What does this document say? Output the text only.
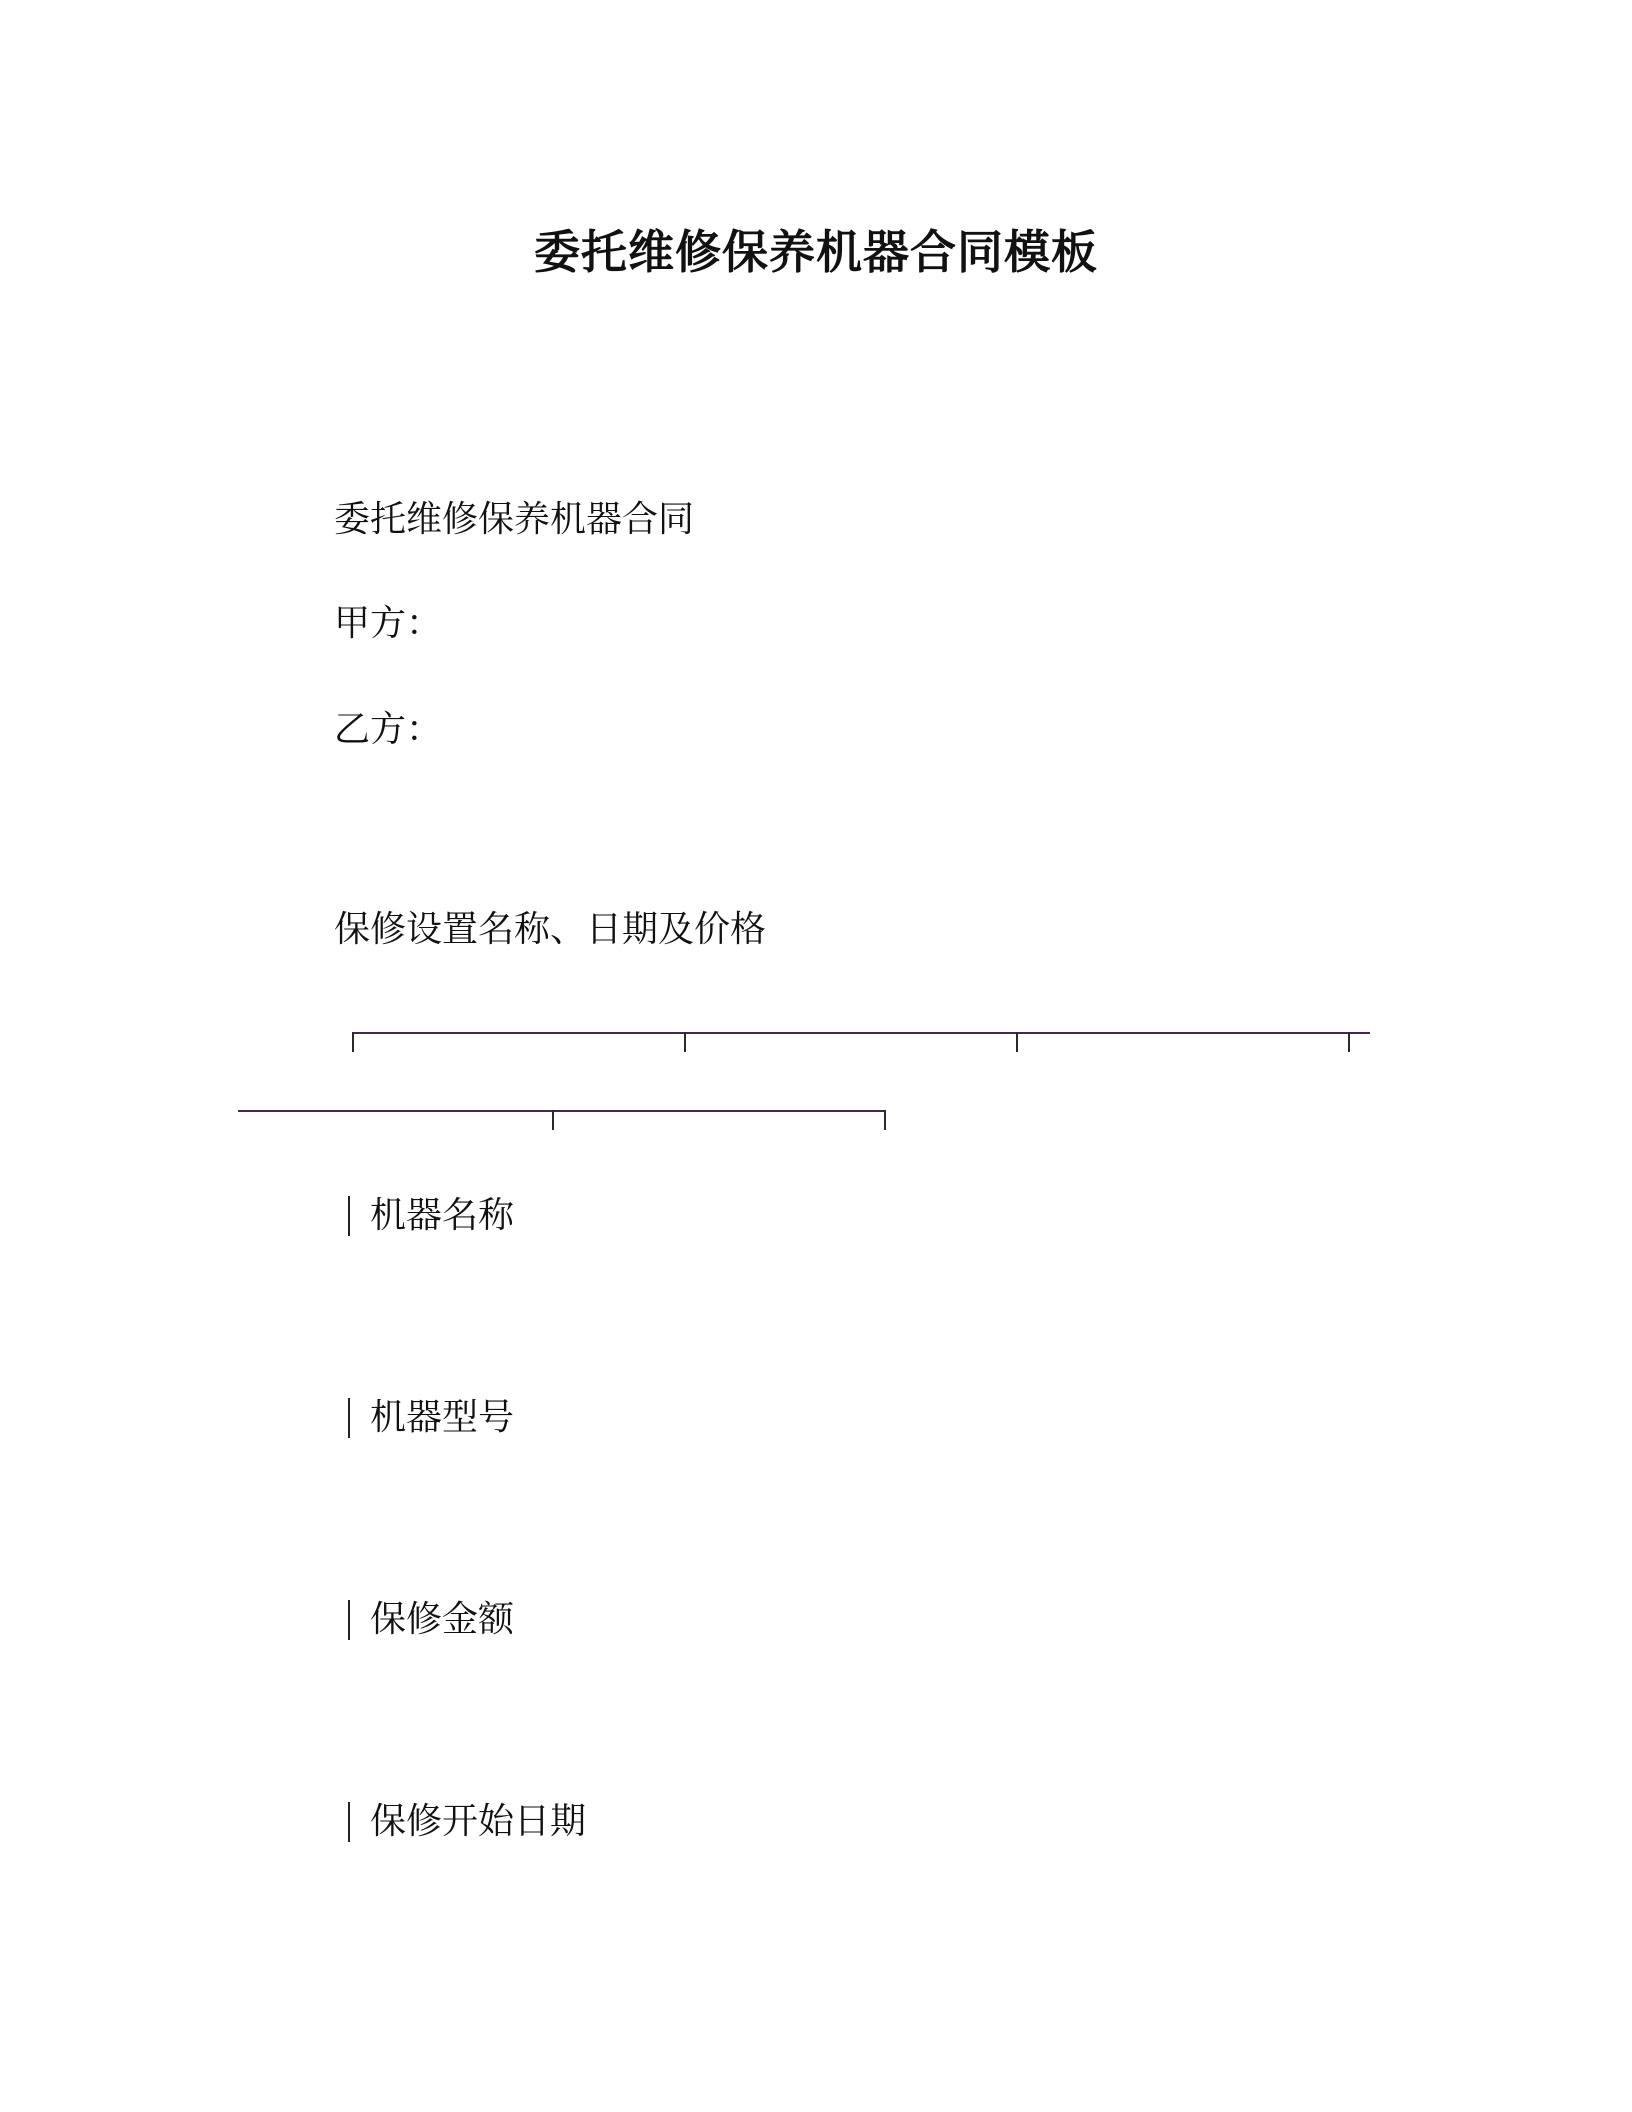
委托维修保养机器合同模板
委托维修保养机器合同
甲方：
乙方：
保修设置名称、日期及价格
机器名称
机器型号
保修金额
保修开始日期
